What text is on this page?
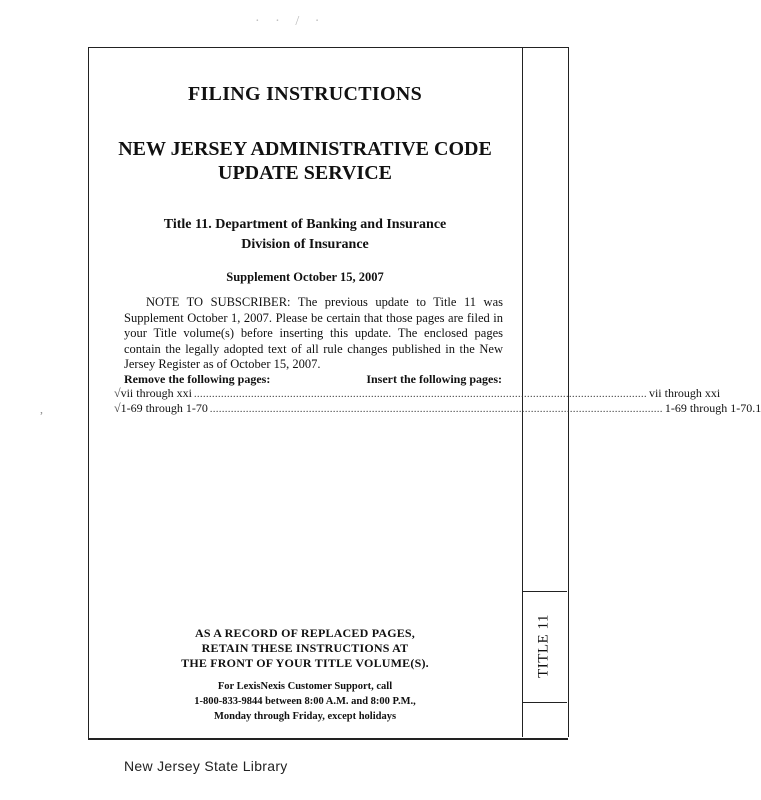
· · / ·
,
TITLE 11
FILING INSTRUCTIONS
NEW JERSEY ADMINISTRATIVE CODE
UPDATE SERVICE
Title 11. Department of Banking and Insurance
Division of Insurance
Supplement October 15, 2007
NOTE TO SUBSCRIBER: The previous update to Title 11 was Supplement October 1, 2007. Please be certain that those pages are filed in your Title volume(s) before inserting this update. The enclosed pages contain the legally adopted text of all rule changes published in the New Jersey Register as of October 15, 2007.
Remove the following pages:	Insert the following pages:
√ vii through xxi ....................................................................................................................................................... vii through xxi
√ 1-69 through 1-70 ....................................................................................................................................................... 1-69 through 1-70.1
AS A RECORD OF REPLACED PAGES,
RETAIN THESE INSTRUCTIONS AT
THE FRONT OF YOUR TITLE VOLUME(S).
For LexisNexis Customer Support, call
1-800-833-9844 between 8:00 A.M. and 8:00 P.M.,
Monday through Friday, except holidays
New Jersey State Library
